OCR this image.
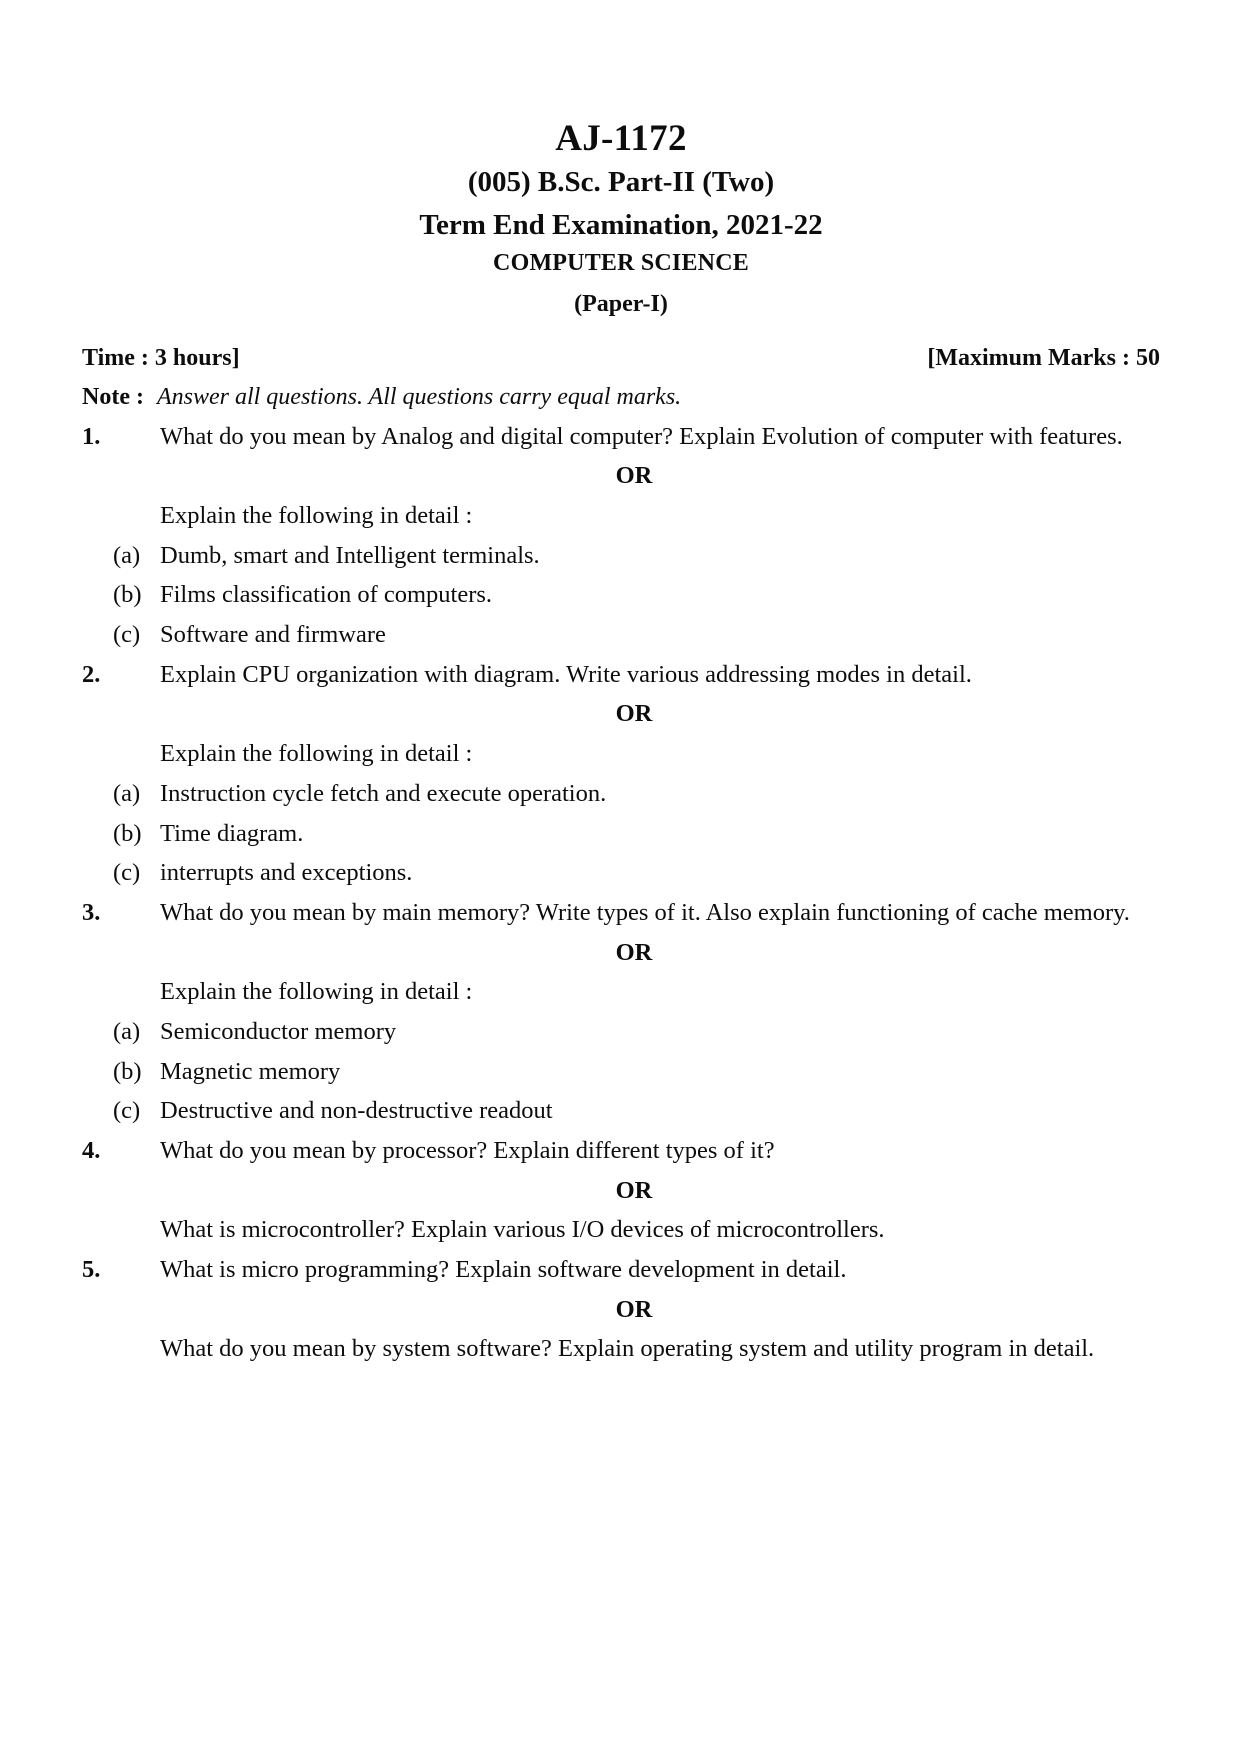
AJ-1172
(005) B.Sc. Part-II (Two)
Term End Examination, 2021-22
COMPUTER SCIENCE
(Paper-I)
Time : 3 hours]	[Maximum Marks : 50
Note : Answer all questions. All questions carry equal marks.
1.	What do you mean by Analog and digital computer? Explain Evolution of computer with features.
OR
Explain the following in detail :
(a) Dumb, smart and Intelligent terminals.
(b) Films classification of computers.
(c) Software and firmware
2.	Explain CPU organization with diagram. Write various addressing modes in detail.
OR
Explain the following in detail :
(a) Instruction cycle fetch and execute operation.
(b) Time diagram.
(c) interrupts and exceptions.
3.	What do you mean by main memory? Write types of it. Also explain functioning of cache memory.
OR
Explain the following in detail :
(a) Semiconductor memory
(b) Magnetic memory
(c) Destructive and non-destructive readout
4.	What do you mean by processor? Explain different types of it?
OR
What is microcontroller? Explain various I/O devices of microcontrollers.
5.	What is micro programming? Explain software development in detail.
OR
What do you mean by system software? Explain operating system and utility program in detail.
